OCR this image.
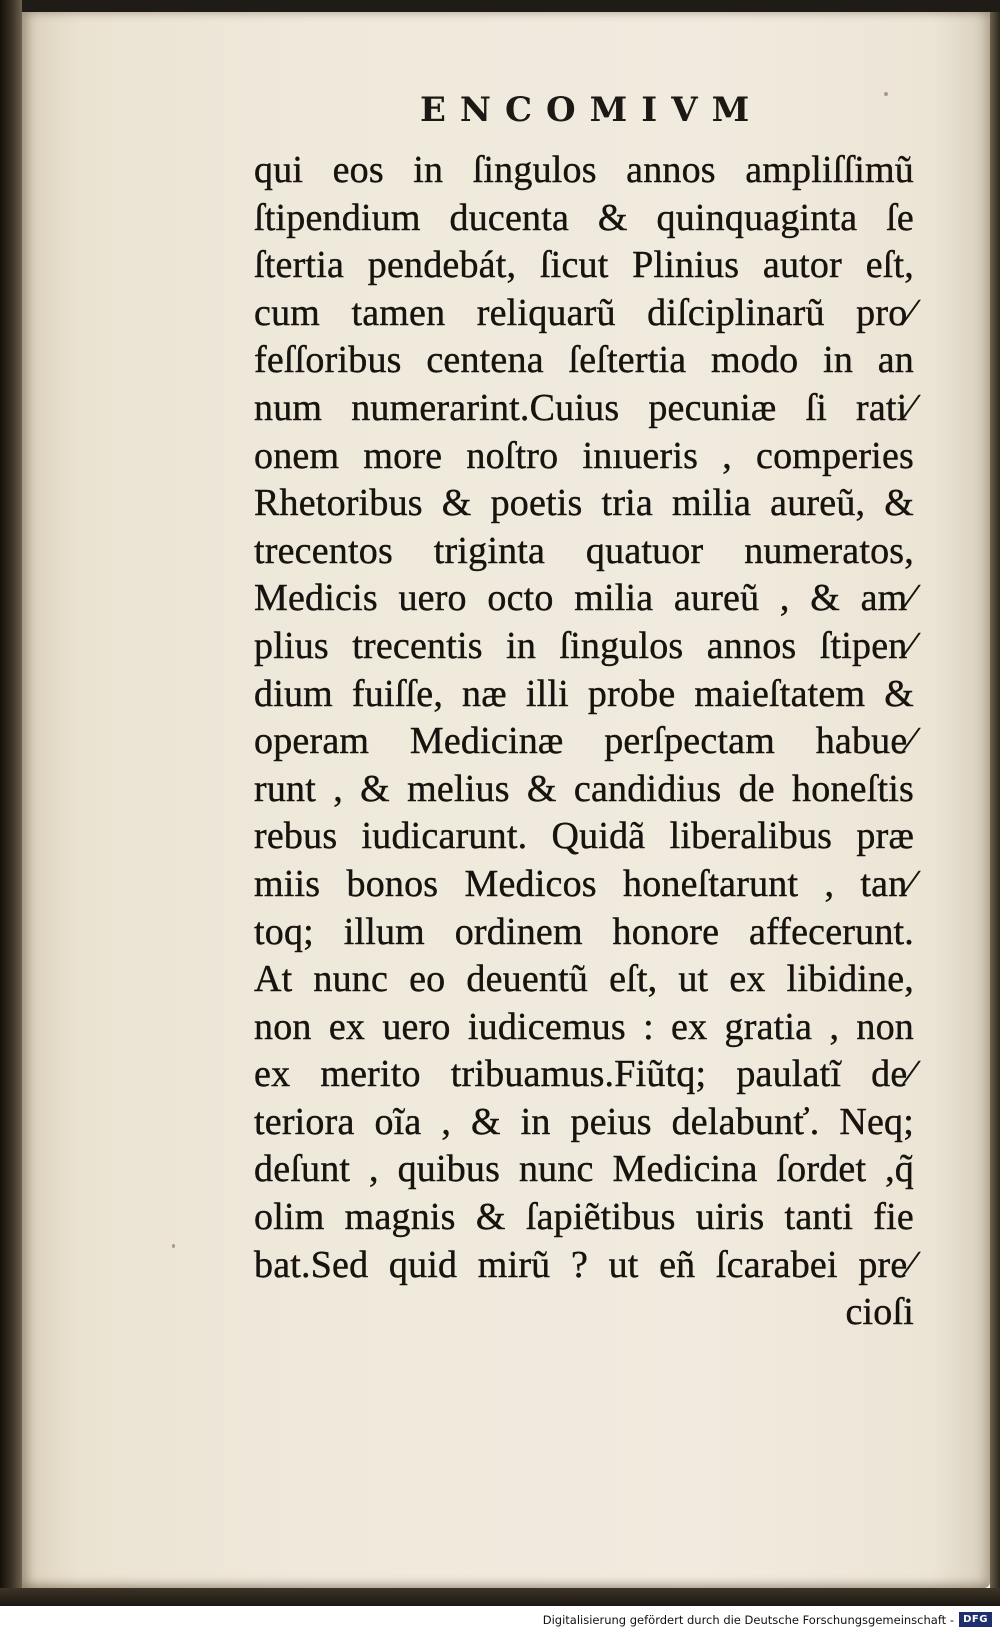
ENCOMIVM
qui eos in ſingulos annos ampliſſimũ
ſtipendium ducenta & quinquaginta ſe
ſtertia pendebát, ſicut Plinius autor eſt,
cum tamen reliquarũ diſciplinarũ pro⁄
feſſoribus centena ſeſtertia modo in an
num numerarint.Cuius pecuniæ ſi rati⁄
onem more noſtro inıueris , comperies
Rhetoribus & poetis tria milia aureũ, &
trecentos triginta quatuor numeratos,
Medicis uero octo milia aureũ , & am⁄
plius trecentis in ſingulos annos ſtipen⁄
dium fuiſſe, næ illi probe maieſtatem &
operam Medicinæ perſpectam habue⁄
runt , & melius & candidius de honeſtis
rebus iudicarunt. Quidã liberalibus præ
miis bonos Medicos honeſtarunt , tan⁄
toq; illum ordinem honore affecerunt.
At nunc eo deuentũ eſt, ut ex libidine,
non ex uero iudicemus : ex gratia , non
ex merito tribuamus.Fiũtq; paulatĩ de⁄
teriora oĩa , & in peius delabunť. Neq;
deſunt , quibus nunc Medicina ſordet ,q̃
olim magnis & ſapiẽtibus uiris tanti fie
bat.Sed quid mirũ ? ut eñ ſcarabei pre⁄
cioſi
Digitalisierung gefördert durch die Deutsche Forschungsgemeinschaft - DFG
